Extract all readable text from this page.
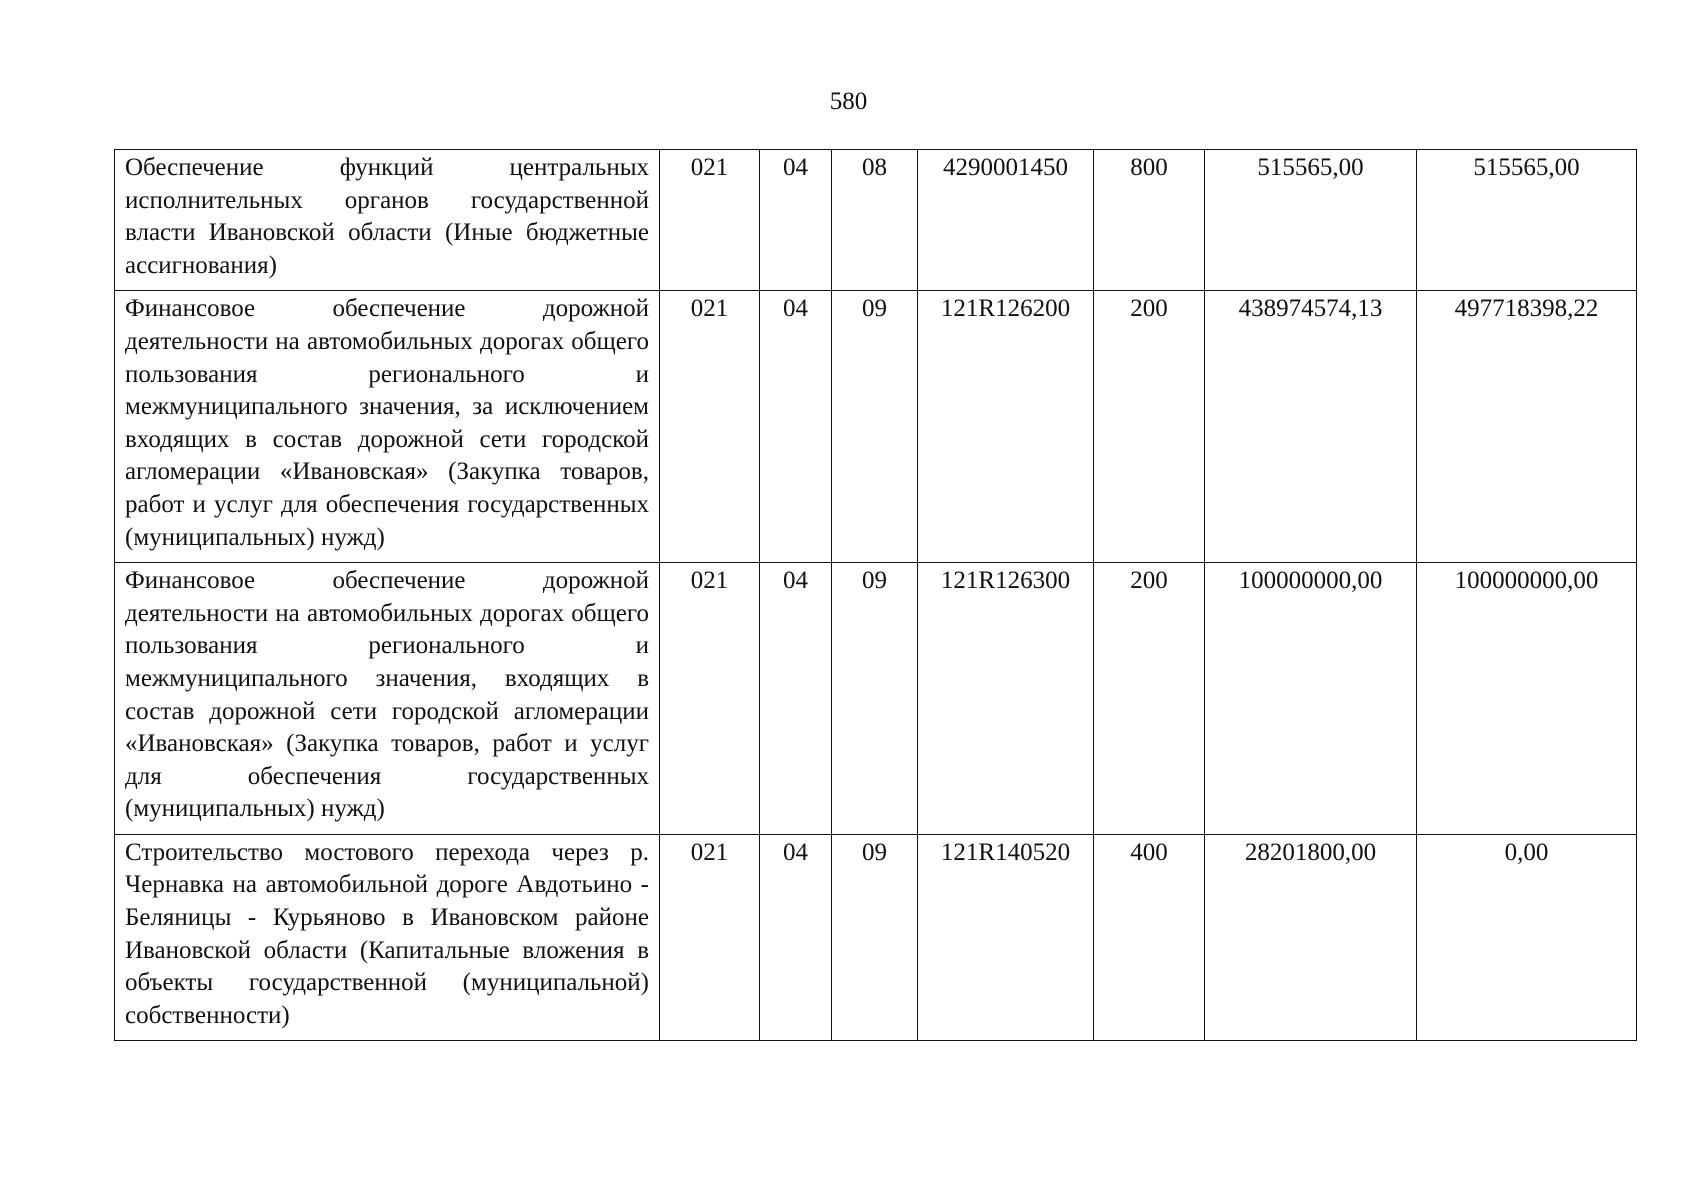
580
Обеспечение функций центральных исполнительных органов государственной власти Ивановской области (Иные бюджетные ассигнования)	021	04	08	4290001450	800	515565,00	515565,00
Финансовое обеспечение дорожной деятельности на автомобильных дорогах общего пользования регионального и межмуниципального значения, за исключением входящих в состав дорожной сети городской агломерации «Ивановская» (Закупка товаров, работ и услуг для обеспечения государственных (муниципальных) нужд)	021	04	09	121R126200	200	438974574,13	497718398,22
Финансовое обеспечение дорожной деятельности на автомобильных дорогах общего пользования регионального и межмуниципального значения, входящих в состав дорожной сети городской агломерации «Ивановская» (Закупка товаров, работ и услуг для обеспечения государственных (муниципальных) нужд)	021	04	09	121R126300	200	100000000,00	100000000,00
Строительство мостового перехода через р. Чернавка на автомобильной дороге Авдотьино - Беляницы - Курьяново в Ивановском районе Ивановской области (Капитальные вложения в объекты государственной (муниципальной) собственности)	021	04	09	121R140520	400	28201800,00	0,00
